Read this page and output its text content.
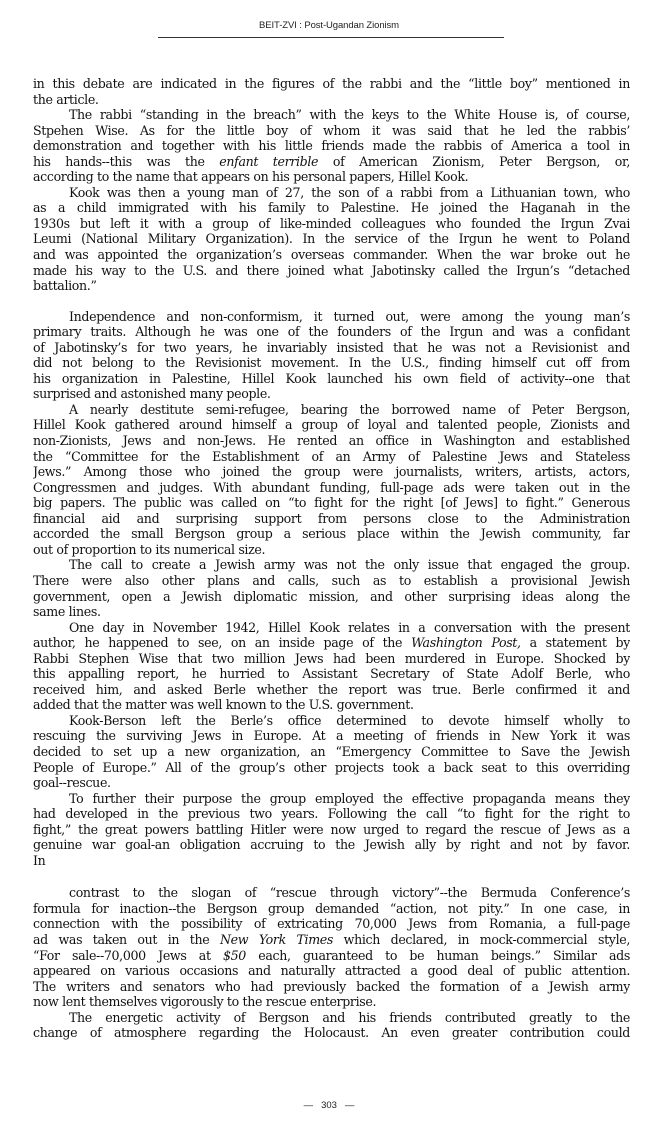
BEIT-ZVI : Post-Ugandan Zionism
in this debate are indicated in the figures of the rabbi and the “little boy” mentioned in
the article.
The rabbi “standing in the breach” with the keys to the White House is, of course,
Stpehen Wise. As for the little boy of whom it was said that he led the rabbis’
demonstration and together with his little friends made the rabbis of America a tool in
his hands--this was the enfant terrible of American Zionism, Peter Bergson, or,
according to the name that appears on his personal papers, Hillel Kook.
Kook was then a young man of 27, the son of a rabbi from a Lithuanian town, who
as a child immigrated with his family to Palestine. He joined the Haganah in the
1930s but left it with a group of like-minded colleagues who founded the Irgun Zvai
Leumi (National Military Organization). In the service of the Irgun he went to Poland
and was appointed the organization’s overseas commander. When the war broke out he
made his way to the U.S. and there joined what Jabotinsky called the Irgun’s “detached
battalion.”
Independence and non-conformism, it turned out, were among the young man’s
primary traits. Although he was one of the founders of the Irgun and was a confidant
of Jabotinsky’s for two years, he invariably insisted that he was not a Revisionist and
did not belong to the Revisionist movement. In the U.S., finding himself cut off from
his organization in Palestine, Hillel Kook launched his own field of activity--one that
surprised and astonished many people.
A nearly destitute semi-refugee, bearing the borrowed name of Peter Bergson,
Hillel Kook gathered around himself a group of loyal and talented people, Zionists and
non-Zionists, Jews and non-Jews. He rented an office in Washington and established
the “Committee for the Establishment of an Army of Palestine Jews and Stateless
Jews.” Among those who joined the group were journalists, writers, artists, actors,
Congressmen and judges. With abundant funding, full-page ads were taken out in the
big papers. The public was called on “to fight for the right [of Jews] to fight.” Generous
financial aid and surprising support from persons close to the Administration
accorded the small Bergson group a serious place within the Jewish community, far
out of proportion to its numerical size.
The call to create a Jewish army was not the only issue that engaged the group.
There were also other plans and calls, such as to establish a provisional Jewish
government, open a Jewish diplomatic mission, and other surprising ideas along the
same lines.
One day in November 1942, Hillel Kook relates in a conversation with the present
author, he happened to see, on an inside page of the Washington Post, a statement by
Rabbi Stephen Wise that two million Jews had been murdered in Europe. Shocked by
this appalling report, he hurried to Assistant Secretary of State Adolf Berle, who
received him, and asked Berle whether the report was true. Berle confirmed it and
added that the matter was well known to the U.S. government.
Kook-Berson left the Berle’s office determined to devote himself wholly to
rescuing the surviving Jews in Europe. At a meeting of friends in New York it was
decided to set up a new organization, an “Emergency Committee to Save the Jewish
People of Europe.” All of the group’s other projects took a back seat to this overriding
goal--rescue.
To further their purpose the group employed the effective propaganda means they
had developed in the previous two years. Following the call “to fight for the right to
fight,” the great powers battling Hitler were now urged to regard the rescue of Jews as a
genuine war goal-an obligation accruing to the Jewish ally by right and not by favor.
In
contrast to the slogan of “rescue through victory”--the Bermuda Conference’s
formula for inaction--the Bergson group demanded “action, not pity.” In one case, in
connection with the possibility of extricating 70,000 Jews from Romania, a full-page
ad was taken out in the New York Times which declared, in mock-commercial style,
“For sale--70,000 Jews at $50 each, guaranteed to be human beings.” Similar ads
appeared on various occasions and naturally attracted a good deal of public attention.
The writers and senators who had previously backed the formation of a Jewish army
now lent themselves vigorously to the rescue enterprise.
The energetic activity of Bergson and his friends contributed greatly to the
change of atmosphere regarding the Holocaust. An even greater contribution could
— 303 —
